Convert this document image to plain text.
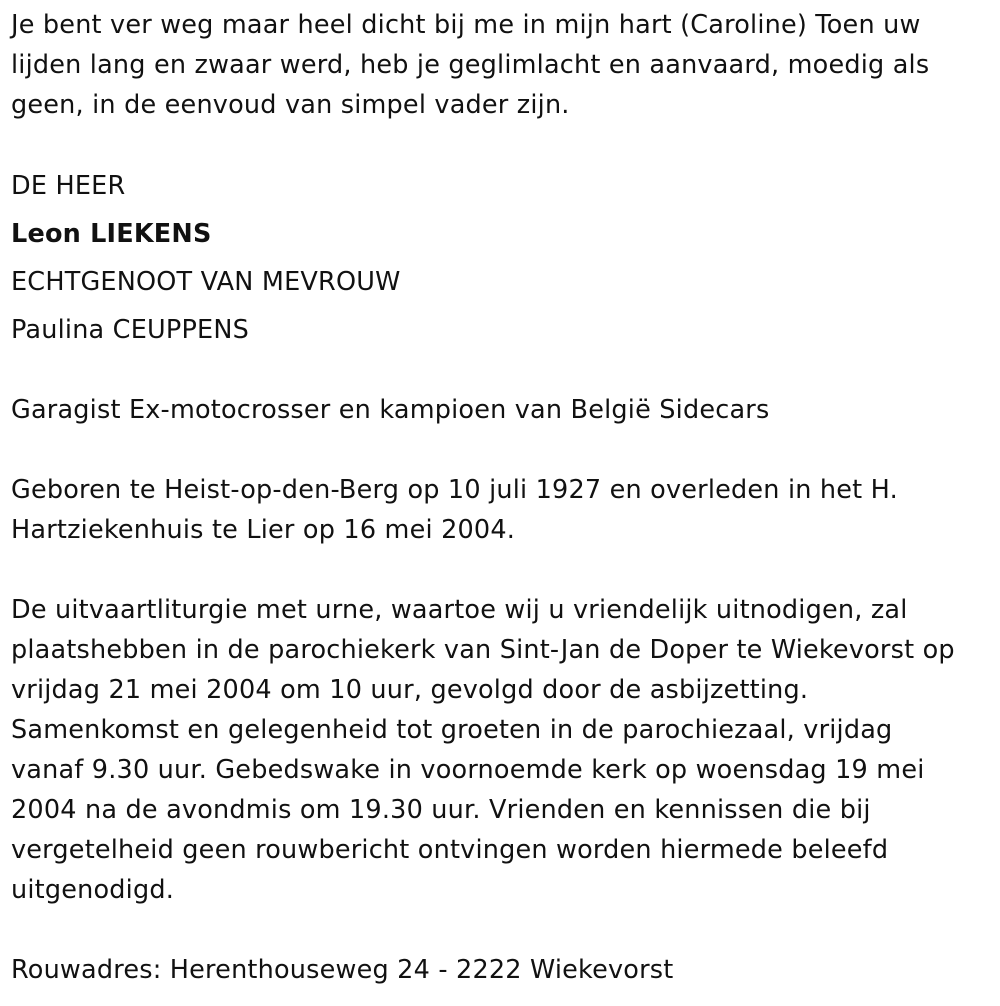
Je bent ver weg maar heel dicht bij me in mijn hart (Caroline) Toen uw
lijden lang en zwaar werd, heb je geglimlacht en aanvaard, moedig als
geen, in de eenvoud van simpel vader zijn.

DE HEER

Leon LIEKENS

ECHTGENOOT VAN MEVROUW

Paulina CEUPPENS

Garagist Ex-motocrosser en kampioen van België Sidecars

Geboren te Heist-op-den-Berg op 10 juli 1927 en overleden in het H.
Hartziekenhuis te Lier op 16 mei 2004.

De uitvaartliturgie met urne, waartoe wij u vriendelijk uitnodigen, zal
plaatshebben in de parochiekerk van Sint-Jan de Doper te Wiekevorst op
vrijdag 21 mei 2004 om 10 uur, gevolgd door de asbijzetting.
Samenkomst en gelegenheid tot groeten in de parochiezaal, vrijdag
vanaf 9.30 uur. Gebedswake in voornoemde kerk op woensdag 19 mei
2004 na de avondmis om 19.30 uur. Vrienden en kennissen die bij
vergetelheid geen rouwbericht ontvingen worden hiermede beleefd
uitgenodigd.

Rouwadres: Herenthouseweg 24 - 2222 Wiekevorst
